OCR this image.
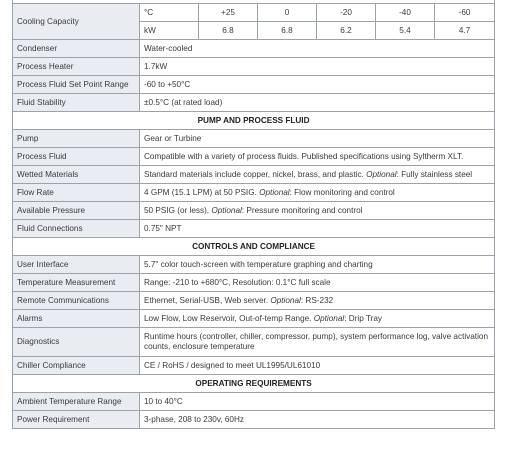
Cooling Capacity	°C	+25	0	-20	-40	-60
	kW	6.8	6.8	6.2	5.4	4.7
Condenser	Water-cooled					
Process Heater	1.7kW					
Process Fluid Set Point Range	-60 to +50°C					
Fluid Stability	±0.5°C (at rated load)					
PUMP AND PROCESS FLUID						
Pump	Gear or Turbine					
Process Fluid	Compatible with a variety of process fluids. Published specifications using Syltherm XLT.					
Wetted Materials	Standard materials include copper, nickel, brass, and plastic. Optional: Fully stainless steel					
Flow Rate	4 GPM (15.1 LPM) at 50 PSIG. Optional: Flow monitoring and control					
Available Pressure	50 PSIG (or less), Optional: Pressure monitoring and control					
Fluid Connections	0.75" NPT					
CONTROLS AND COMPLIANCE						
User Interface	5.7" color touch-screen with temperature graphing and charting					
Temperature Measurement	Range: -210 to +680°C, Resolution: 0.1°C full scale					
Remote Communications	Ethernet, Serial-USB, Web server. Optional: RS-232					
Alarms	Low Flow, Low Reservoir, Out-of-temp Range. Optional: Drip Tray					
Diagnostics	Runtime hours (controller, chiller, compressor, pump), system performance log, valve activation counts, enclosure temperature					
Chiller Compliance	CE / RoHS / designed to meet UL1995/UL61010					
OPERATING REQUIREMENTS						
Ambient Temperature Range	10 to 40°C					
Power Requirement	3-phase, 208 to 230v, 60Hz					
